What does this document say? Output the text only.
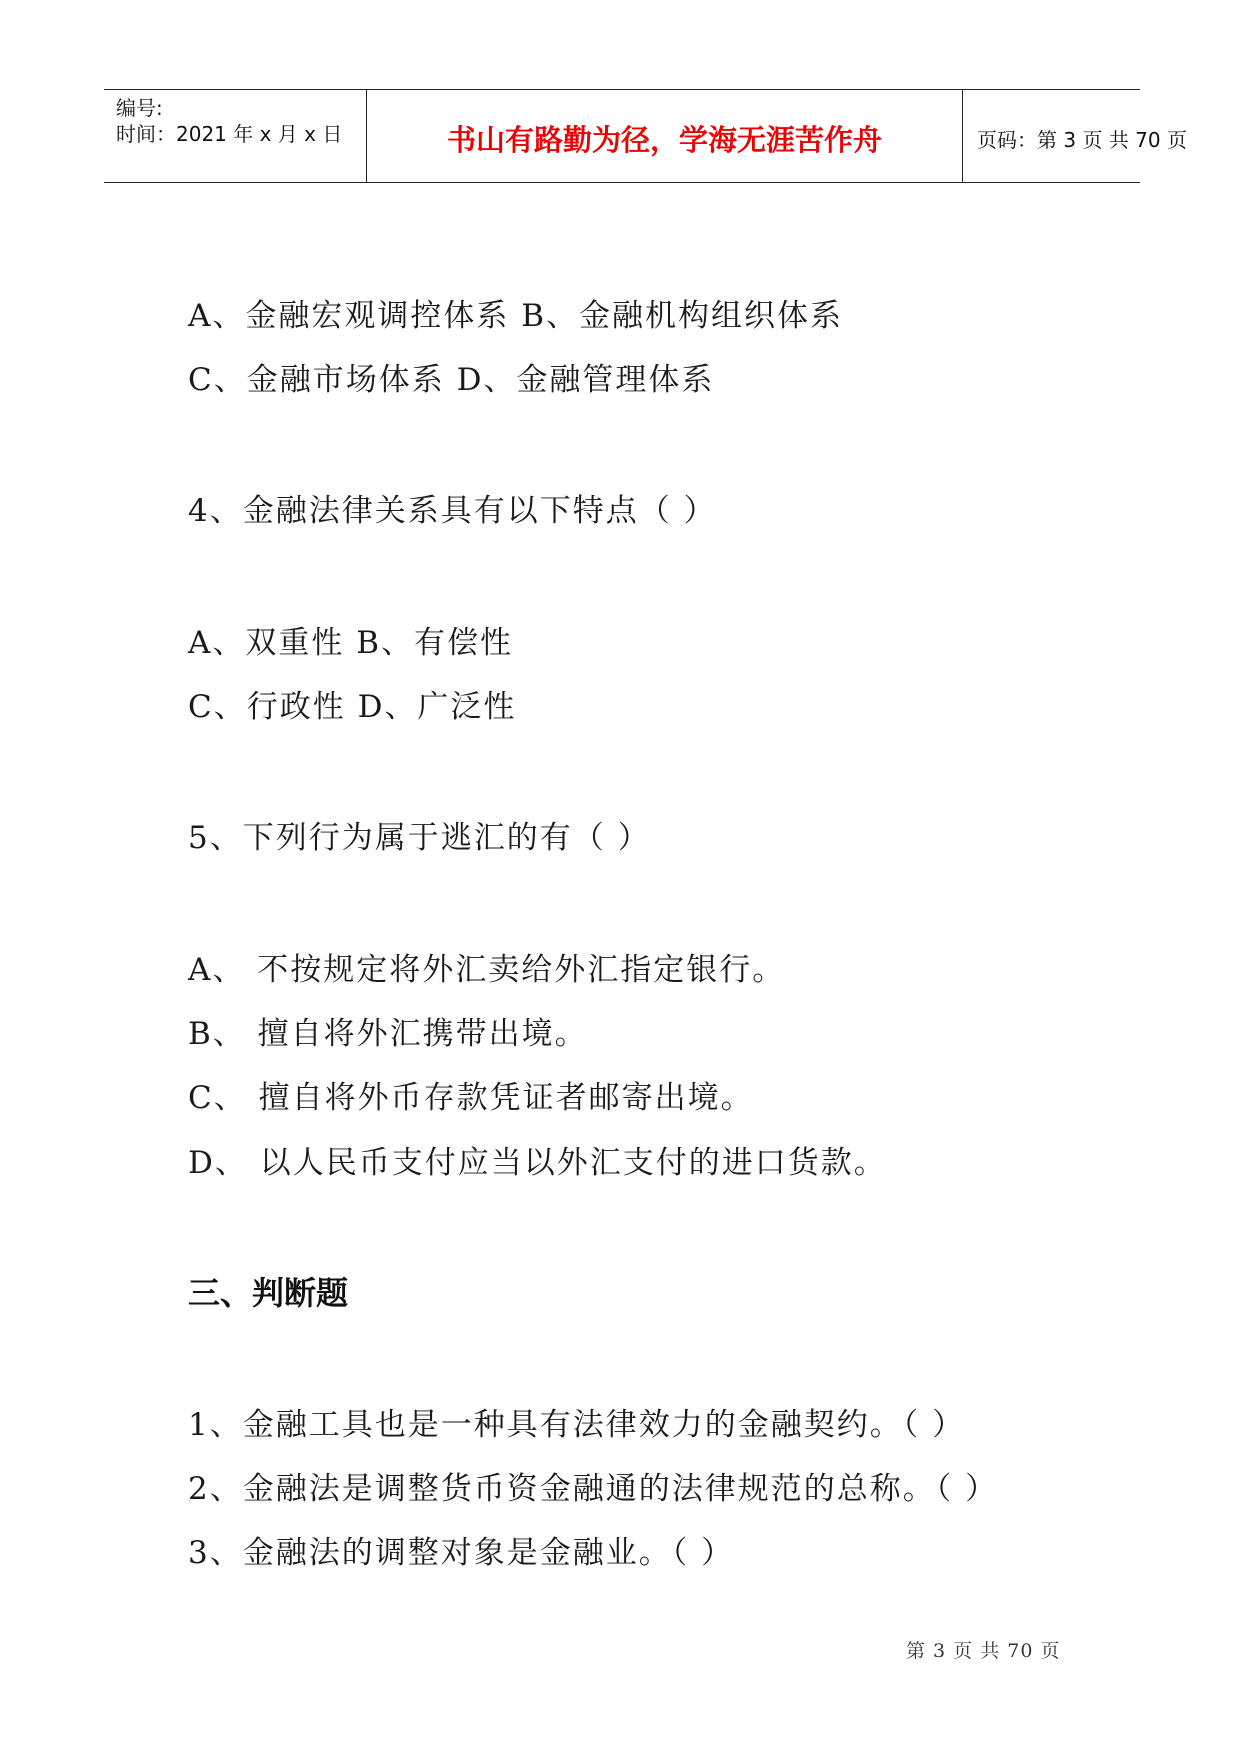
编号:
时间：2021 年 x 月 x 日	书山有路勤为径，学海无涯苦作舟	页码：第 3 页 共 70 页
A、金融宏观调控体系 B、金融机构组织体系
C、金融市场体系 D、金融管理体系
4、金融法律关系具有以下特点（ ）
A、双重性 B、有偿性
C、行政性 D、广泛性
5、下列行为属于逃汇的有（ ）
A、 不按规定将外汇卖给外汇指定银行。
B、 擅自将外汇携带出境。
C、 擅自将外币存款凭证者邮寄出境。
D、 以人民币支付应当以外汇支付的进口货款。
三、判断题
1、金融工具也是一种具有法律效力的金融契约。（ ）
2、金融法是调整货币资金融通的法律规范的总称。（ ）
3、金融法的调整对象是金融业。（ ）
第 3 页 共 70 页
